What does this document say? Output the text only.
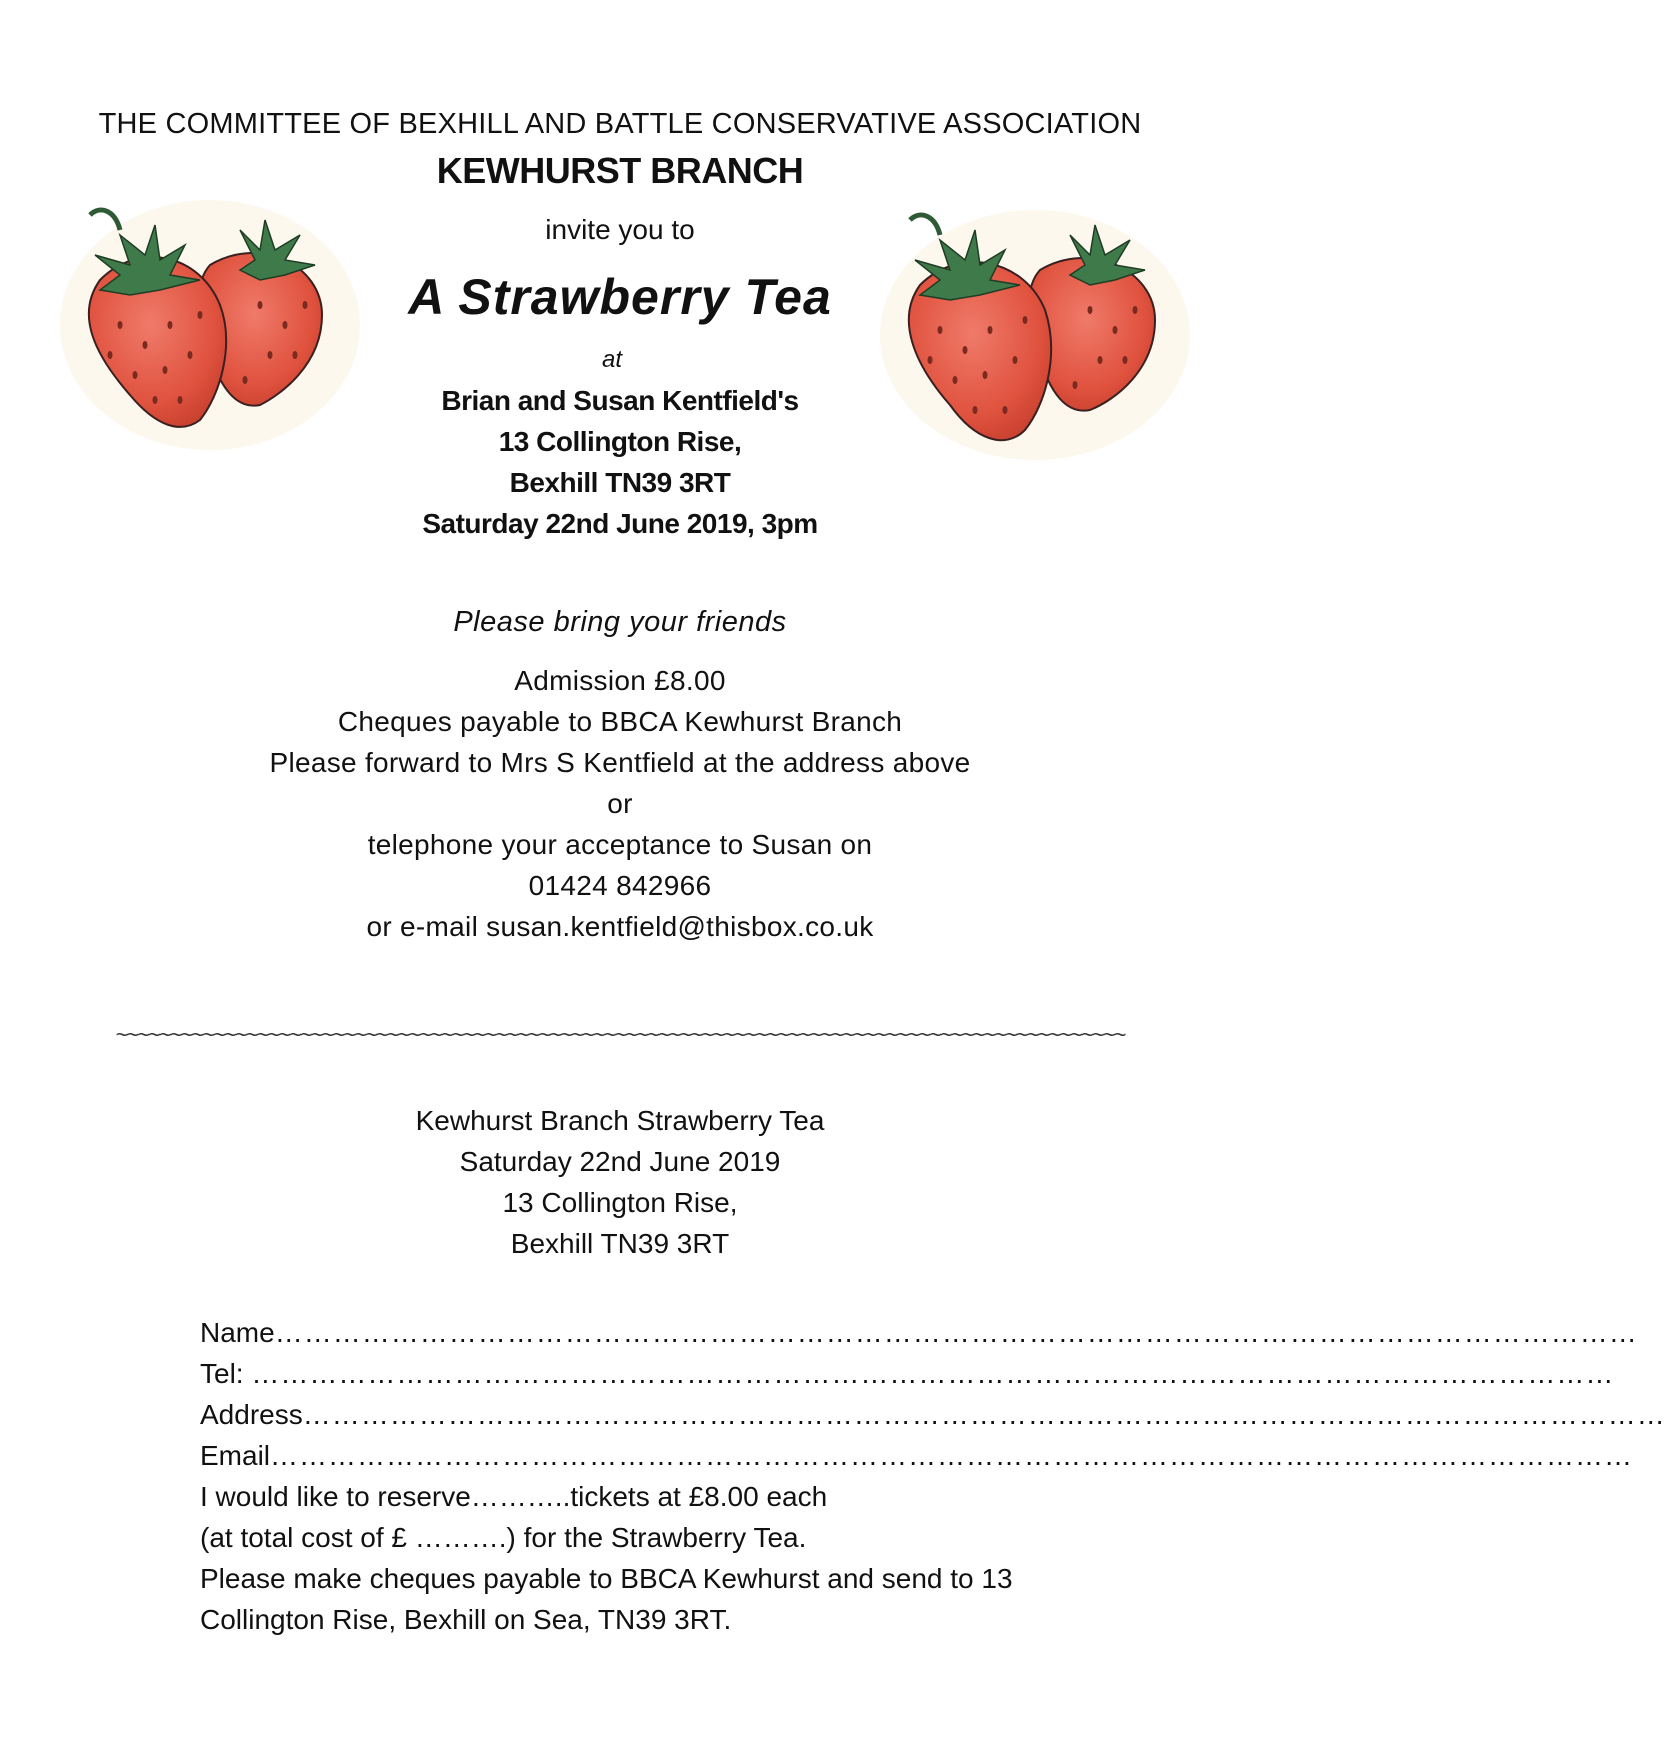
THE COMMITTEE OF BEXHILL AND BATTLE CONSERVATIVE ASSOCIATION
KEWHURST BRANCH
invite you to
A Strawberry Tea
at
Brian and Susan Kentfield's
13 Collington Rise,
Bexhill TN39 3RT
Saturday 22nd June 2019, 3pm
Please bring your friends
Admission £8.00
Cheques payable to BBCA Kewhurst Branch
Please forward to Mrs S Kentfield at the address above
or
telephone your acceptance to Susan on
01424 842966
or e-mail susan.kentfield@thisbox.co.uk
~~~~~~~~~~~~~~~~~~~~~~~~~~~~~~~~~~~~~~~~~~~~~~~~~~~~~~~~~~~~~~~~~~~~~~~~~~~~~~~~~~~~~~~~~~~~~
Kewhurst Branch Strawberry Tea
Saturday 22nd June 2019
13 Collington Rise,
Bexhill TN39 3RT
Name ……………………………………………………………………………………………………………………………
Tel: ……………………………………………………………………………………………………………………………
Address ……………………………………………………………………………………………………………………………
Email ……………………………………………………………………………………………………………………………
I would like to reserve………..tickets at £8.00 each
(at total cost of £ ……….) for the Strawberry Tea.
Please make cheques payable to BBCA Kewhurst and send to 13
Collington Rise, Bexhill on Sea, TN39 3RT.
